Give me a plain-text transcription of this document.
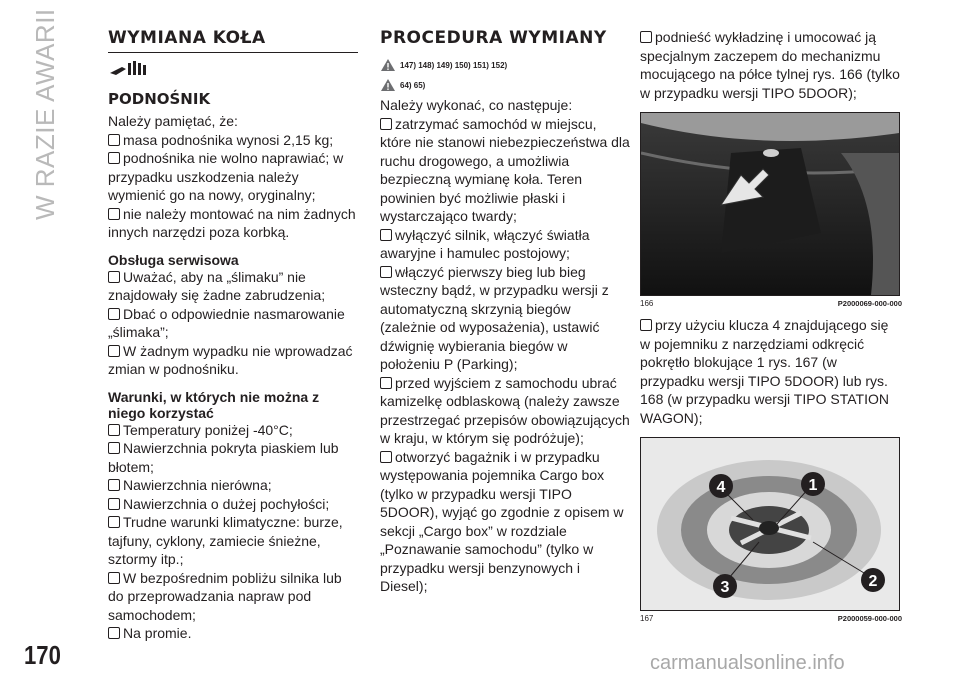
W RAZIE AWARII	WYMIANA KOŁA
PODNOŚNIK

Należy pamiętać, że:

masa podnośnika wynosi 2,15 kg;

podnośnika nie wolno naprawiać; w przypadku uszkodzenia należy wymienić go na nowy, oryginalny;

nie należy montować na nim żadnych innych narzędzi poza korbką.

Obsługa serwisowa

Uważać, aby na „ślimaku” nie znajdowały się żadne zabrudzenia;

Dbać o odpowiednie nasmarowanie „ślimaka”;

W żadnym wypadku nie wprowadzać zmian w podnośniku.

Warunki, w których nie można z niego korzystać

Temperatury poniżej -40°C;

Nawierzchnia pokryta piaskiem lub błotem;

Nawierzchnia nierówna;

Nawierzchnia o dużej pochyłości;

Trudne warunki klimatyczne: burze, tajfuny, cyklony, zamiecie śnieżne, sztormy itp.;

W bezpośrednim pobliżu silnika lub do przeprowadzania napraw pod samochodem;

Na promie.

PROCEDURA WYMIANY
147) 148) 149) 150) 151) 152)
64) 65)

Należy wykonać, co następuje:

zatrzymać samochód w miejscu, które nie stanowi niebezpieczeństwa dla ruchu drogowego, a umożliwia bezpieczną wymianę koła. Teren powinien być możliwie płaski i wystarczająco twardy;

wyłączyć silnik, włączyć światła awaryjne i hamulec postojowy;

włączyć pierwszy bieg lub bieg wsteczny bądź, w przypadku wersji z automatyczną skrzynią biegów (zależnie od wyposażenia), ustawić dźwignię wybierania biegów w położeniu P (Parking);

przed wyjściem z samochodu ubrać kamizelkę odblaskową (należy zawsze przestrzegać przepisów obowiązujących w kraju, w którym się podróżuje);

otworzyć bagażnik i w przypadku występowania pojemnika Cargo box (tylko w przypadku wersji TIPO 5DOOR), wyjąć go zgodnie z opisem w sekcji „Cargo box” w rozdziale „Poznawanie samochodu” (tylko w przypadku wersji benzynowych i Diesel);

podnieść wykładzinę i umocować ją specjalnym zaczepem do mechanizmu mocującego na półce tylnej rys. 166 (tylko w przypadku wersji TIPO 5DOOR);

166	P2000069-000-000

przy użyciu klucza 4 znajdującego się w pojemniku z narzędziami odkręcić pokrętło blokujące 1 rys. 167 (w przypadku wersji TIPO 5DOOR) lub rys. 168 (w przypadku wersji TIPO STATION WAGON);

4	1
3	2
167	P2000059-000-000
170	carmanualsonline.info
